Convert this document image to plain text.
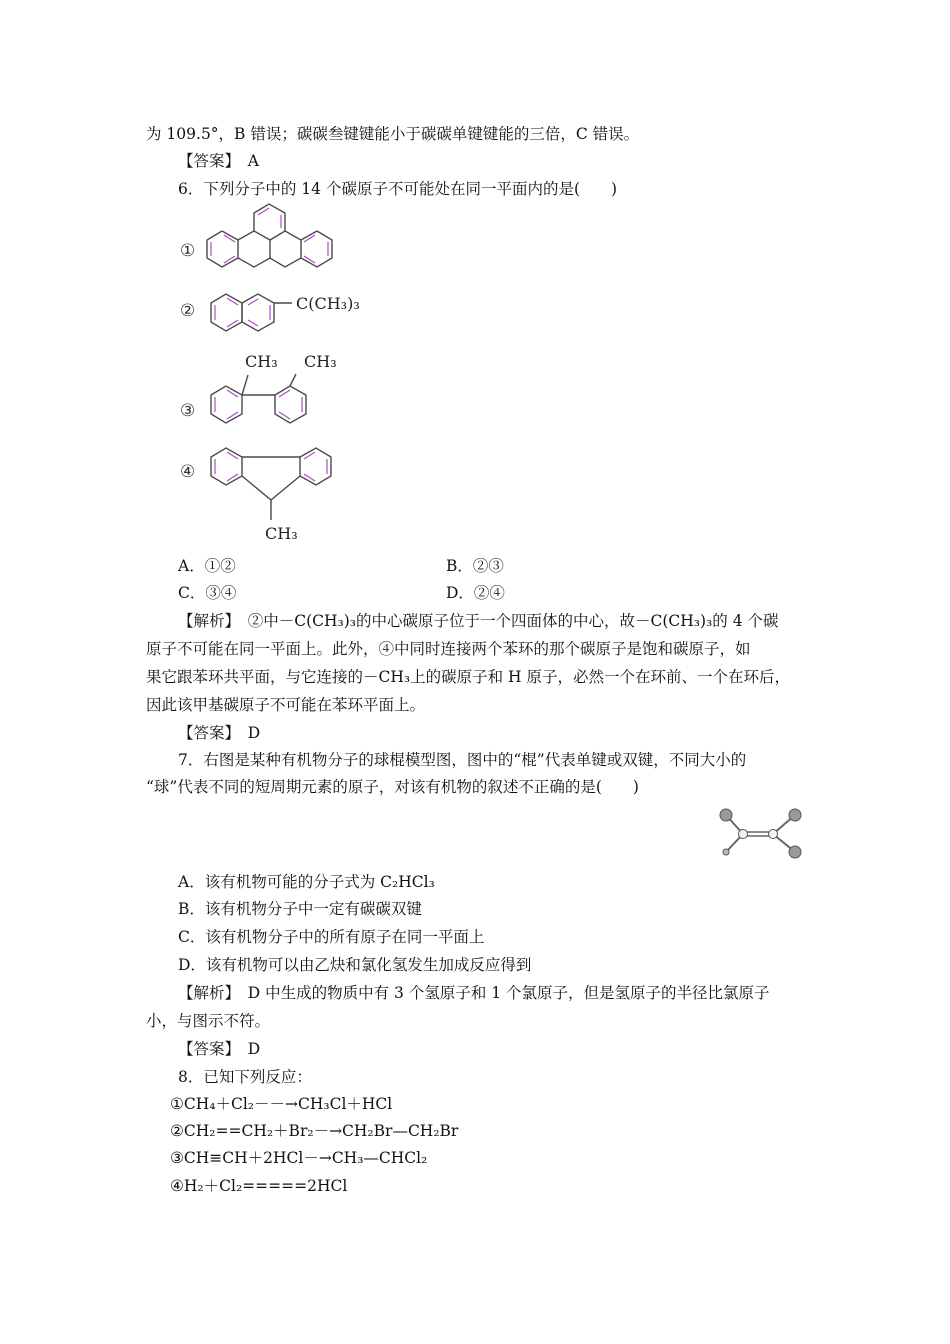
为 109.5°，B 错误；碳碳叁键键能小于碳碳单键键能的三倍，C 错误。
【答案】　A
6．下列分子中的 14 个碳原子不可能处在同一平面内的是(　　)
①
②
③
④
C(CH₃)₃
CH₃ CH₃
CH₃
A．①②	B．②③
C．③④	D．②④
【解析】　②中－C(CH₃)₃的中心碳原子位于一个四面体的中心，故－C(CH₃)₃的 4 个碳
原子不可能在同一平面上。此外，④中同时连接两个苯环的那个碳原子是饱和碳原子，如
果它跟苯环共平面，与它连接的－CH₃上的碳原子和 H 原子，必然一个在环前、一个在环后，
因此该甲基碳原子不可能在苯环平面上。
【答案】　D
7．右图是某种有机物分子的球棍模型图，图中的“棍”代表单键或双键，不同大小的
“球”代表不同的短周期元素的原子，对该有机物的叙述不正确的是(　　)
A．该有机物可能的分子式为 C₂HCl₃
B．该有机物分子中一定有碳碳双键
C．该有机物分子中的所有原子在同一平面上
D．该有机物可以由乙炔和氯化氢发生加成反应得到
【解析】　D 中生成的物质中有 3 个氢原子和 1 个氯原子，但是氢原子的半径比氯原子
小，与图示不符。
【答案】　D
8．已知下列反应：
①CH₄＋Cl₂－－→CH₃Cl＋HCl
②CH₂==CH₂＋Br₂－→CH₂Br—CH₂Br
③CH≡CH＋2HCl－→CH₃—CHCl₂
④H₂＋Cl₂=====2HCl
